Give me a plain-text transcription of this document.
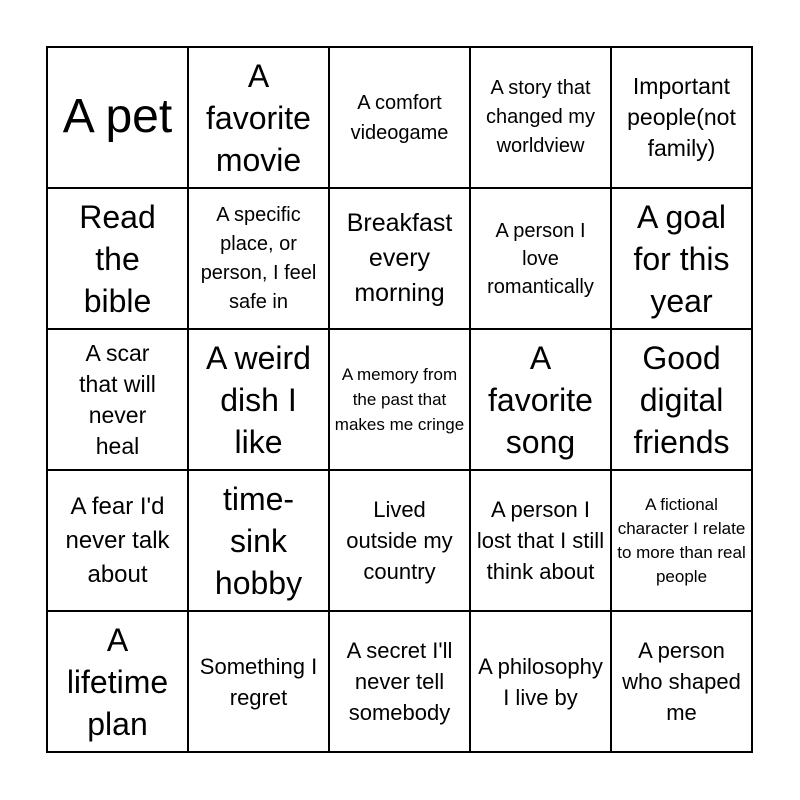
A pet
A favorite movie
A comfort videogame
A story that changed my worldview
Important people(not family)
Read the bible
A specific place, or person, I feel safe in
Breakfast every morning
A person I love romantically
A goal for this year
A scar that will never heal
A weird dish I like
A memory from the past that makes me cringe
A favorite song
Good digital friends
A fear I'd never talk about
time-sink hobby
Lived outside my country
A person I lost that I still think about
A fictional character I relate to more than real people
A lifetime plan
Something I regret
A secret I'll never tell somebody
A philosophy I live by
A person who shaped me
